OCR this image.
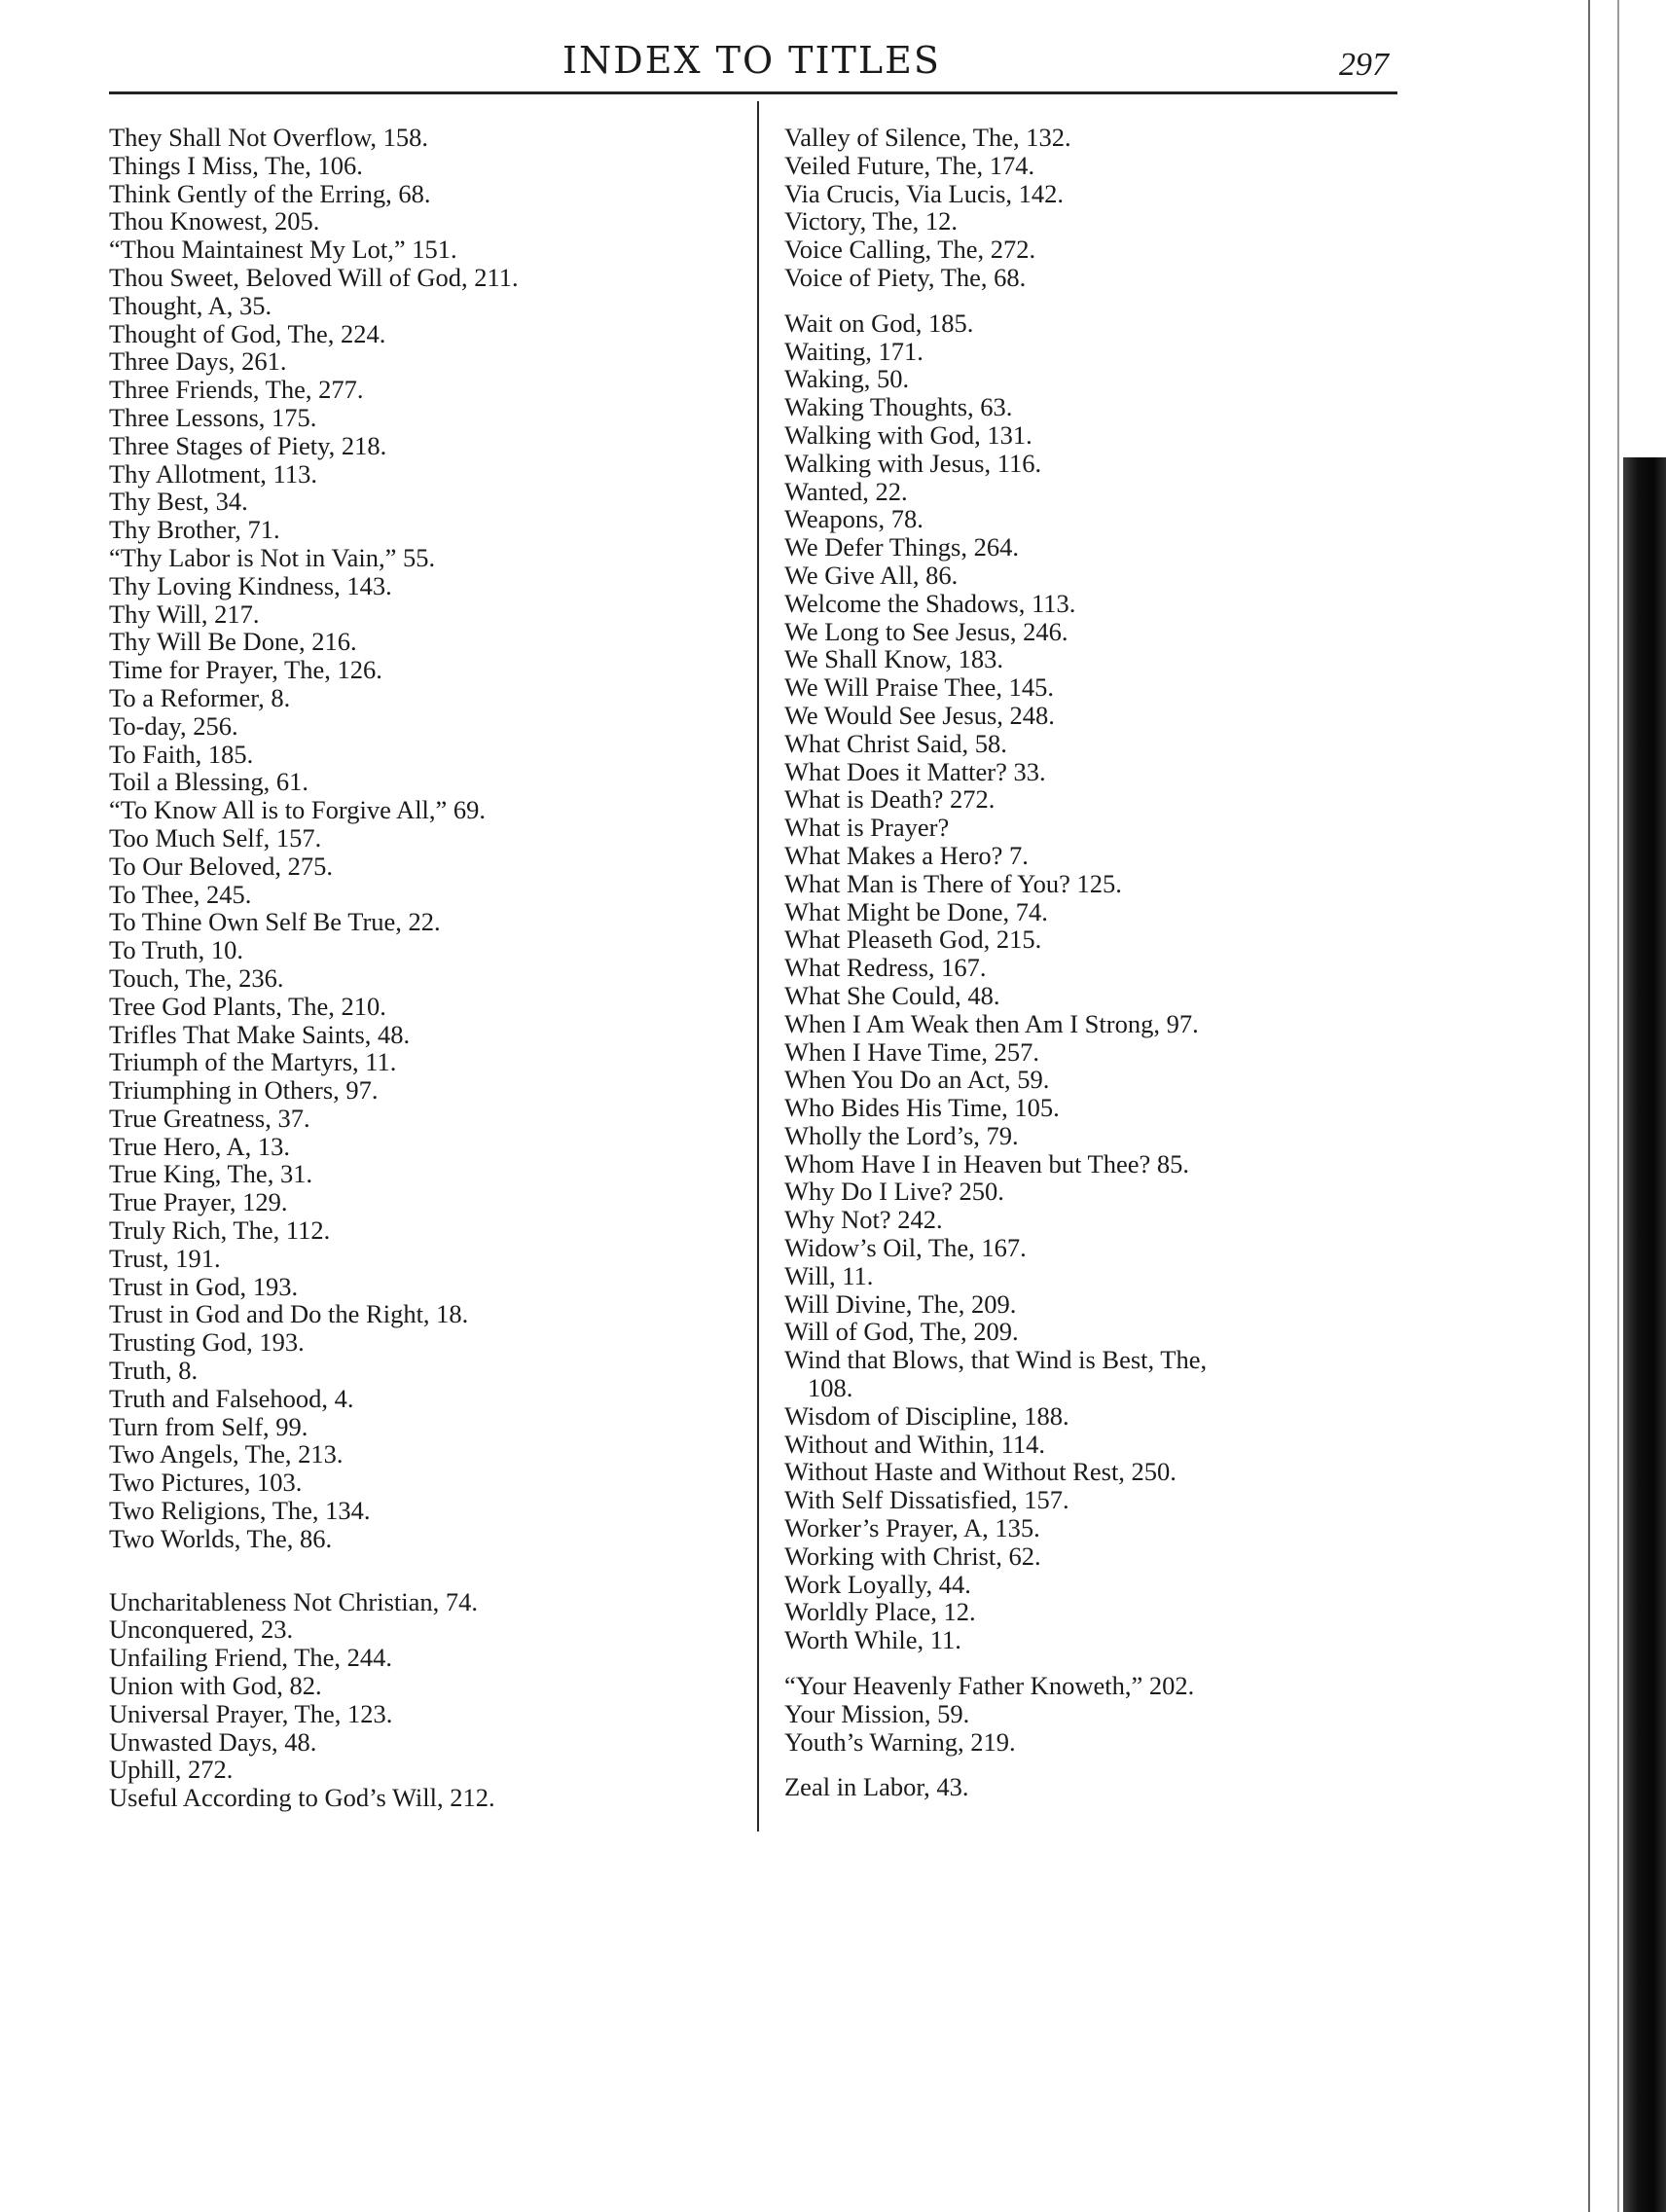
INDEX TO TITLES	297
They Shall Not Overflow, 158.
Things I Miss, The, 106.
Think Gently of the Erring, 68.
Thou Knowest, 205.
“Thou Maintainest My Lot,” 151.
Thou Sweet, Beloved Will of God, 211.
Thought, A, 35.
Thought of God, The, 224.
Three Days, 261.
Three Friends, The, 277.
Three Lessons, 175.
Three Stages of Piety, 218.
Thy Allotment, 113.
Thy Best, 34.
Thy Brother, 71.
“Thy Labor is Not in Vain,” 55.
Thy Loving Kindness, 143.
Thy Will, 217.
Thy Will Be Done, 216.
Time for Prayer, The, 126.
To a Reformer, 8.
To-day, 256.
To Faith, 185.
Toil a Blessing, 61.
“To Know All is to Forgive All,” 69.
Too Much Self, 157.
To Our Beloved, 275.
To Thee, 245.
To Thine Own Self Be True, 22.
To Truth, 10.
Touch, The, 236.
Tree God Plants, The, 210.
Trifles That Make Saints, 48.
Triumph of the Martyrs, 11.
Triumphing in Others, 97.
True Greatness, 37.
True Hero, A, 13.
True King, The, 31.
True Prayer, 129.
Truly Rich, The, 112.
Trust, 191.
Trust in God, 193.
Trust in God and Do the Right, 18.
Trusting God, 193.
Truth, 8.
Truth and Falsehood, 4.
Turn from Self, 99.
Two Angels, The, 213.
Two Pictures, 103.
Two Religions, The, 134.
Two Worlds, The, 86.
Uncharitableness Not Christian, 74.
Unconquered, 23.
Unfailing Friend, The, 244.
Union with God, 82.
Universal Prayer, The, 123.
Unwasted Days, 48.
Uphill, 272.
Useful According to God’s Will, 212.
Valley of Silence, The, 132.
Veiled Future, The, 174.
Via Crucis, Via Lucis, 142.
Victory, The, 12.
Voice Calling, The, 272.
Voice of Piety, The, 68.
Wait on God, 185.
Waiting, 171.
Waking, 50.
Waking Thoughts, 63.
Walking with God, 131.
Walking with Jesus, 116.
Wanted, 22.
Weapons, 78.
We Defer Things, 264.
We Give All, 86.
Welcome the Shadows, 113.
We Long to See Jesus, 246.
We Shall Know, 183.
We Will Praise Thee, 145.
We Would See Jesus, 248.
What Christ Said, 58.
What Does it Matter? 33.
What is Death? 272.
What is Prayer?
What Makes a Hero? 7.
What Man is There of You? 125.
What Might be Done, 74.
What Pleaseth God, 215.
What Redress, 167.
What She Could, 48.
When I Am Weak then Am I Strong, 97.
When I Have Time, 257.
When You Do an Act, 59.
Who Bides His Time, 105.
Wholly the Lord’s, 79.
Whom Have I in Heaven but Thee? 85.
Why Do I Live? 250.
Why Not? 242.
Widow’s Oil, The, 167.
Will, 11.
Will Divine, The, 209.
Will of God, The, 209.
Wind that Blows, that Wind is Best, The,
108.
Wisdom of Discipline, 188.
Without and Within, 114.
Without Haste and Without Rest, 250.
With Self Dissatisfied, 157.
Worker’s Prayer, A, 135.
Working with Christ, 62.
Work Loyally, 44.
Worldly Place, 12.
Worth While, 11.
“Your Heavenly Father Knoweth,” 202.
Your Mission, 59.
Youth’s Warning, 219.
Zeal in Labor, 43.
